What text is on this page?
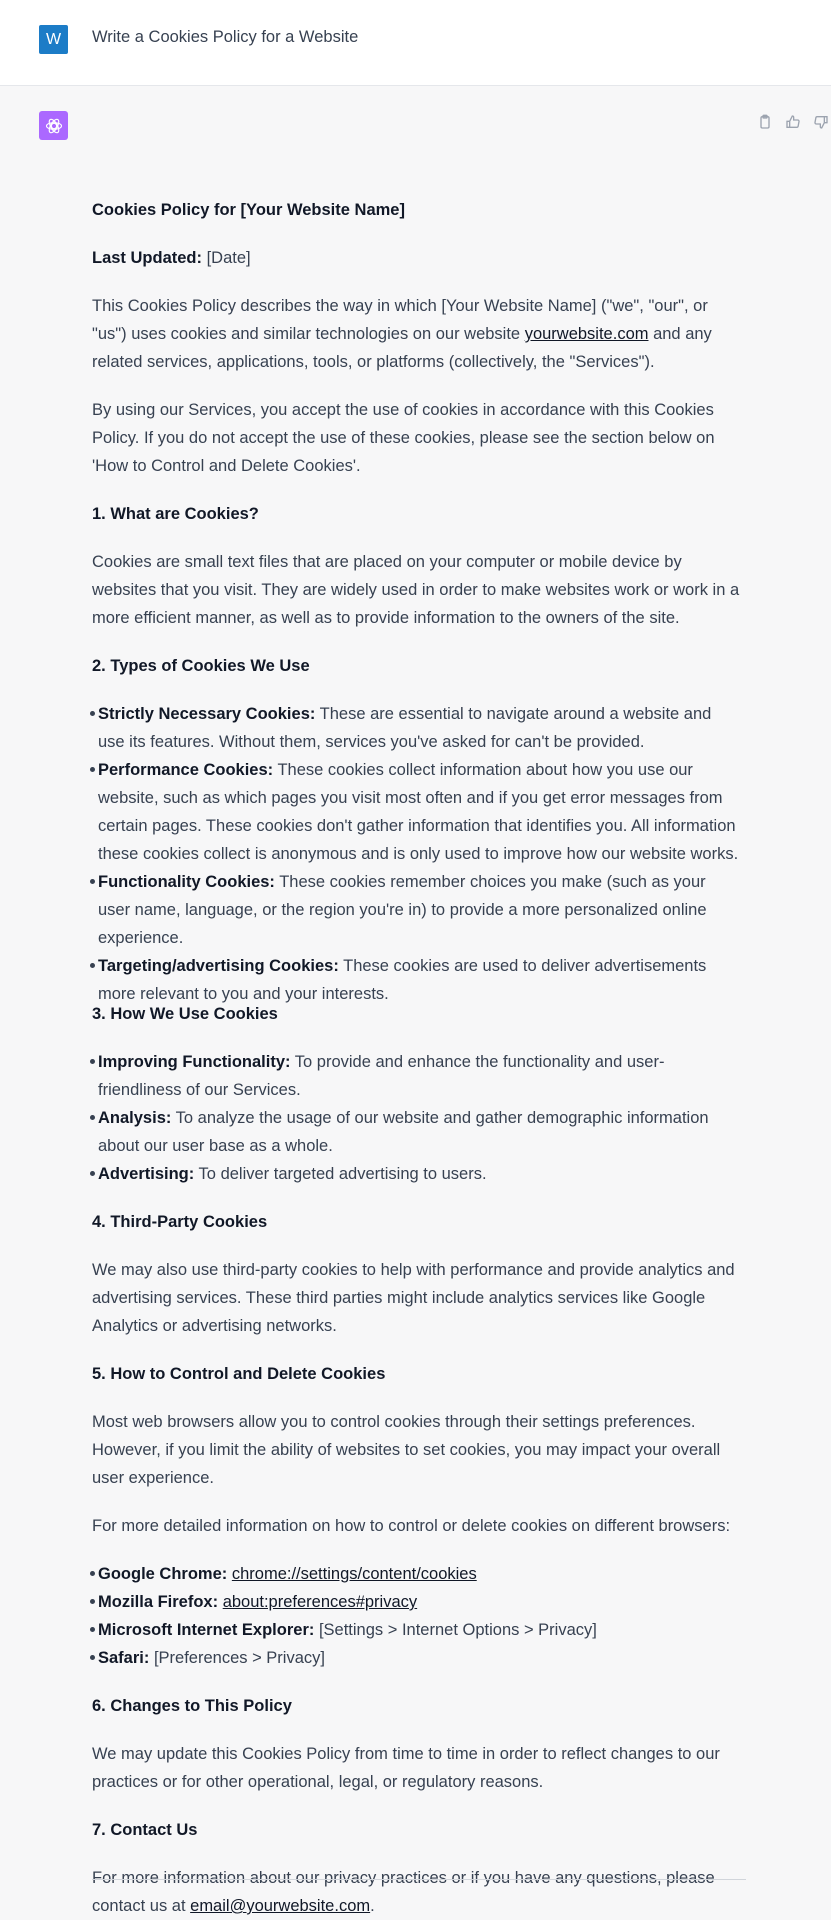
W	Write a Cookies Policy for a Website

Cookies Policy for [Your Website Name]

Last Updated: [Date]

This Cookies Policy describes the way in which [Your Website Name] ("we", "our", or "us") uses cookies and similar technologies on our website yourwebsite.com and any related services, applications, tools, or platforms (collectively, the "Services").

By using our Services, you accept the use of cookies in accordance with this Cookies Policy. If you do not accept the use of these cookies, please see the section below on 'How to Control and Delete Cookies'.

1. What are Cookies?

Cookies are small text files that are placed on your computer or mobile device by websites that you visit. They are widely used in order to make websites work or work in a more efficient manner, as well as to provide information to the owners of the site.

2. Types of Cookies We Use

Strictly Necessary Cookies: These are essential to navigate around a website and use its features. Without them, services you've asked for can't be provided.
Performance Cookies: These cookies collect information about how you use our website, such as which pages you visit most often and if you get error messages from certain pages. These cookies don't gather information that identifies you. All information these cookies collect is anonymous and is only used to improve how our website works.
Functionality Cookies: These cookies remember choices you make (such as your user name, language, or the region you're in) to provide a more personalized online experience.
Targeting/advertising Cookies: These cookies are used to deliver advertisements more relevant to you and your interests.

3. How We Use Cookies

Improving Functionality: To provide and enhance the functionality and user-friendliness of our Services.
Analysis: To analyze the usage of our website and gather demographic information about our user base as a whole.
Advertising: To deliver targeted advertising to users.

4. Third-Party Cookies

We may also use third-party cookies to help with performance and provide analytics and advertising services. These third parties might include analytics services like Google Analytics or advertising networks.

5. How to Control and Delete Cookies

Most web browsers allow you to control cookies through their settings preferences. However, if you limit the ability of websites to set cookies, you may impact your overall user experience.

For more detailed information on how to control or delete cookies on different browsers:

Google Chrome: chrome://settings/content/cookies
Mozilla Firefox: about:preferences#privacy
Microsoft Internet Explorer: [Settings > Internet Options > Privacy]
Safari: [Preferences > Privacy]

6. Changes to This Policy

We may update this Cookies Policy from time to time in order to reflect changes to our practices or for other operational, legal, or regulatory reasons.

7. Contact Us

For more information about our privacy practices or if you have any questions, please contact us at email@yourwebsite.com.
